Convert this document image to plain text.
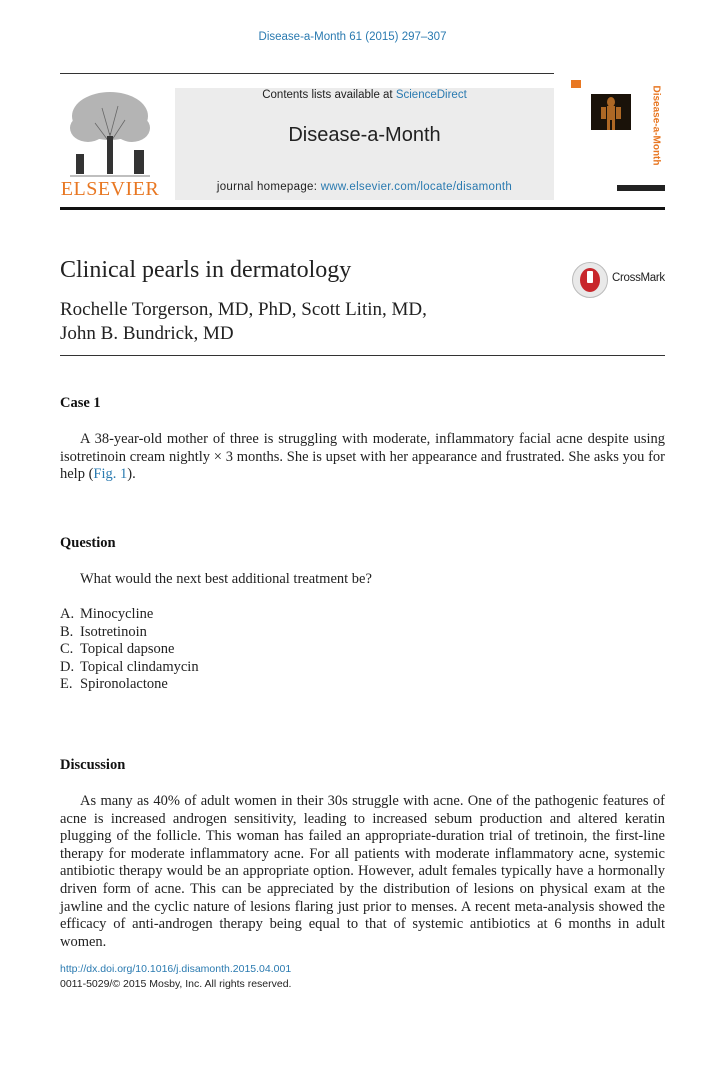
Disease-a-Month 61 (2015) 297–307
ELSEVIER
Contents lists available at ScienceDirect
Disease-a-Month
journal homepage: www.elsevier.com/locate/disamonth
Disease-a-Month
Clinical pearls in dermatology	CrossMark
Rochelle Torgerson, MD, PhD, Scott Litin, MD,
John B. Bundrick, MD
Case 1
A 38-year-old mother of three is struggling with moderate, inflammatory facial acne despite using isotretinoin cream nightly × 3 months. She is upset with her appearance and frustrated. She asks you for help (Fig. 1).
Question
What would the next best additional treatment be?
A. Minocycline
B. Isotretinoin
C. Topical dapsone
D. Topical clindamycin
E. Spironolactone
Discussion
As many as 40% of adult women in their 30s struggle with acne. One of the pathogenic features of acne is increased androgen sensitivity, leading to increased sebum production and altered keratin plugging of the follicle. This woman has failed an appropriate-duration trial of tretinoin, the first-line therapy for moderate inflammatory acne. For all patients with moderate inflammatory acne, systemic antibiotic therapy would be an appropriate option. However, adult females typically have a hormonally driven form of acne. This can be appreciated by the distribution of lesions on physical exam at the jawline and the cyclic nature of lesions flaring just prior to menses. A recent meta-analysis showed the efficacy of anti-androgen therapy being equal to that of systemic antibiotics at 6 months in adult women.
http://dx.doi.org/10.1016/j.disamonth.2015.04.001
0011-5029/© 2015 Mosby, Inc. All rights reserved.
